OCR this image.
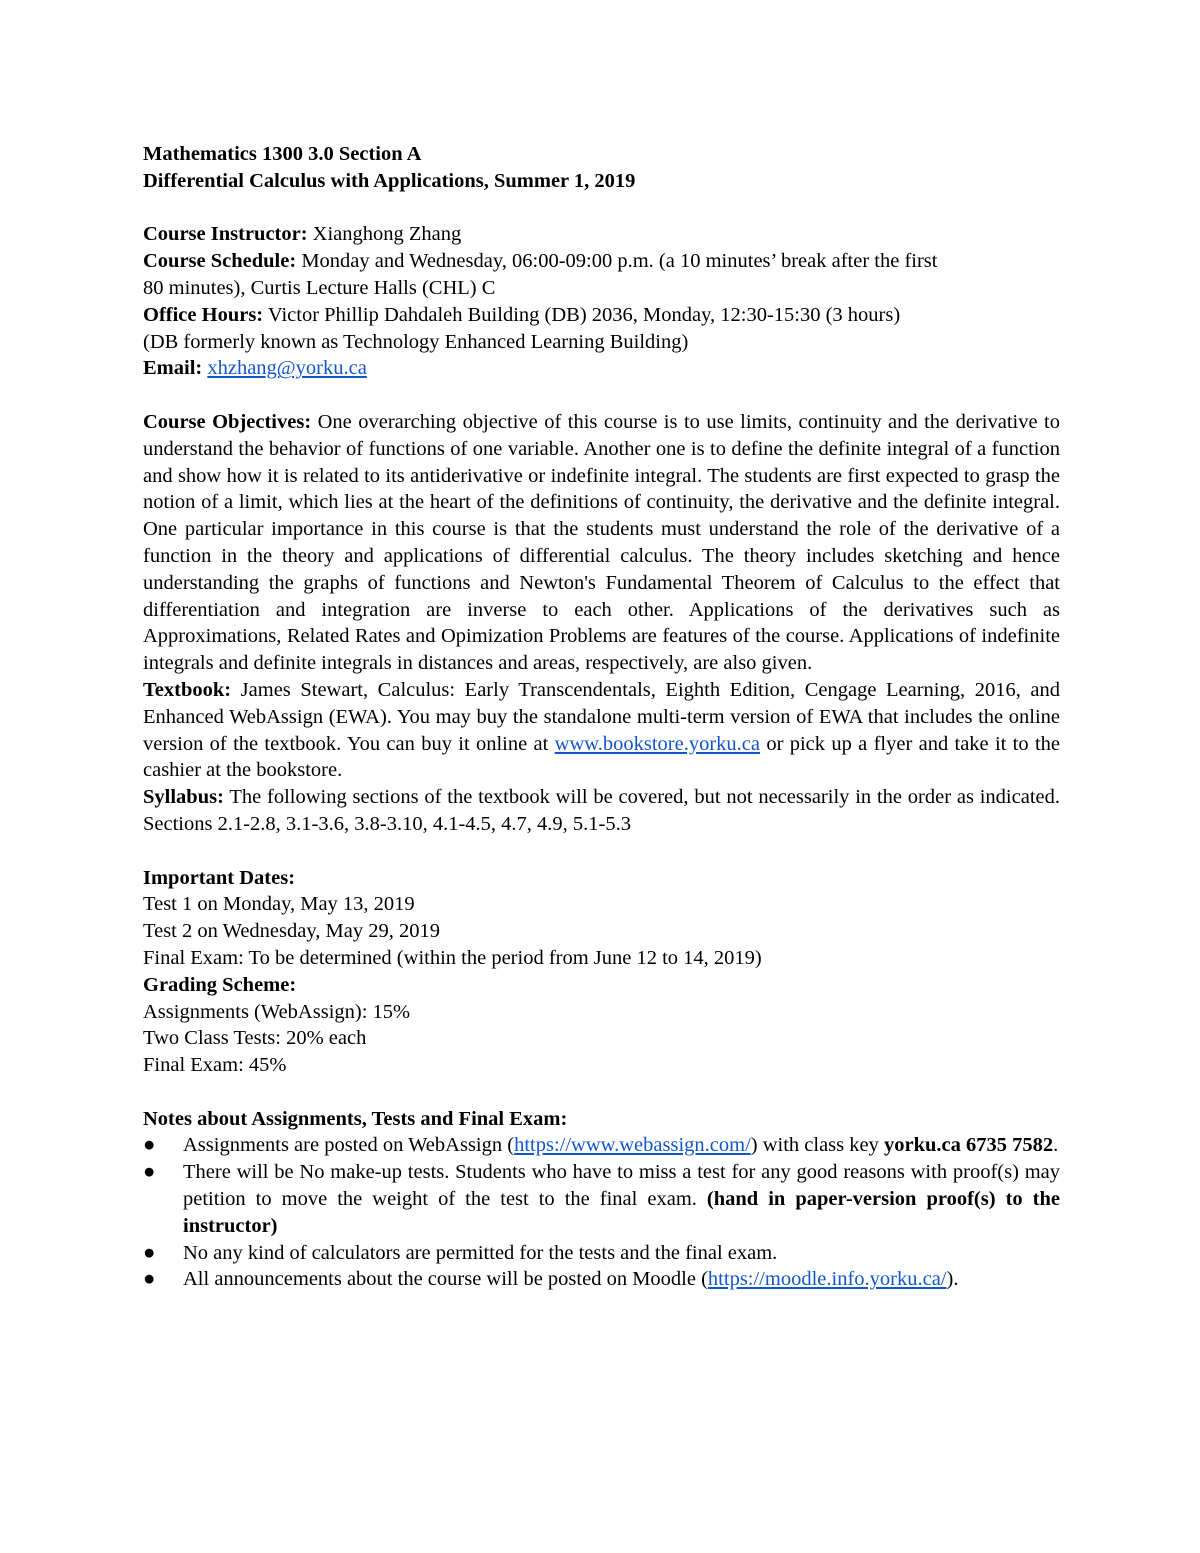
Mathematics 1300 3.0 Section A
Differential Calculus with Applications, Summer 1, 2019
Course Instructor: Xianghong Zhang
Course Schedule: Monday and Wednesday, 06:00-09:00 p.m. (a 10 minutes’ break after the first
80 minutes), Curtis Lecture Halls (CHL) C
Office Hours: Victor Phillip Dahdaleh Building (DB) 2036, Monday, 12:30-15:30 (3 hours)
(DB formerly known as Technology Enhanced Learning Building)
Email: xhzhang@yorku.ca
Course Objectives: One overarching objective of this course is to use limits, continuity and the derivative to understand the behavior of functions of one variable. Another one is to define the definite integral of a function and show how it is related to its antiderivative or indefinite integral. The students are first expected to grasp the notion of a limit, which lies at the heart of the definitions of continuity, the derivative and the definite integral. One particular importance in this course is that the students must understand the role of the derivative of a function in the theory and applications of differential calculus. The theory includes sketching and hence understanding the graphs of functions and Newton's Fundamental Theorem of Calculus to the effect that differentiation and integration are inverse to each other. Applications of the derivatives such as Approximations, Related Rates and Opimization Problems are features of the course. Applications of indefinite integrals and definite integrals in distances and areas, respectively, are also given.
Textbook: James Stewart, Calculus: Early Transcendentals, Eighth Edition, Cengage Learning, 2016, and Enhanced WebAssign (EWA). You may buy the standalone multi-term version of EWA that includes the online version of the textbook. You can buy it online at www.bookstore.yorku.ca or pick up a flyer and take it to the cashier at the bookstore.
Syllabus: The following sections of the textbook will be covered, but not necessarily in the order as indicated. Sections 2.1-2.8, 3.1-3.6, 3.8-3.10, 4.1-4.5, 4.7, 4.9, 5.1-5.3
Important Dates:
Test 1 on Monday, May 13, 2019
Test 2 on Wednesday, May 29, 2019
Final Exam: To be determined (within the period from June 12 to 14, 2019)
Grading Scheme:
Assignments (WebAssign): 15%
Two Class Tests: 20% each
Final Exam: 45%
Notes about Assignments, Tests and Final Exam:
● Assignments are posted on WebAssign (https://www.webassign.com/) with class key yorku.ca 6735 7582.
● There will be No make-up tests. Students who have to miss a test for any good reasons with proof(s) may petition to move the weight of the test to the final exam. (hand in paper-version proof(s) to the instructor)
● No any kind of calculators are permitted for the tests and the final exam.
● All announcements about the course will be posted on Moodle (https://moodle.info.yorku.ca/).
